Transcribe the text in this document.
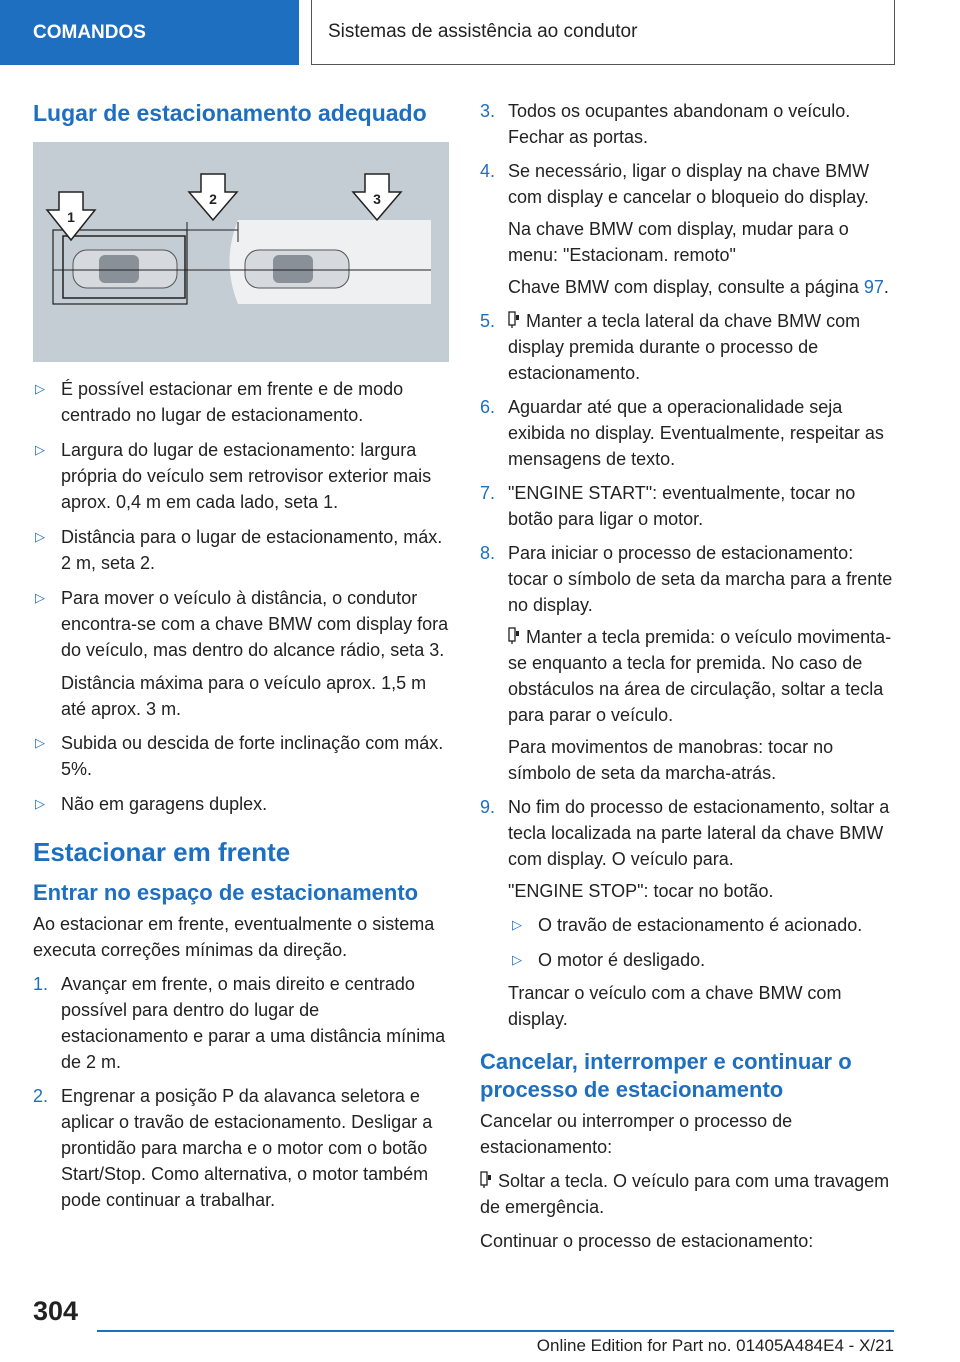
COMANDOS	Sistemas de assistência ao condutor
Lugar de estacionamento adequado
1
2	3
▷ É possível estacionar em frente e de modo centrado no lugar de estacionamento.
▷ Largura do lugar de estacionamento: largura própria do veículo sem retrovisor exterior mais aprox. 0,4 m em cada lado, seta 1.
▷ Distância para o lugar de estacionamento, máx. 2 m, seta 2.
▷ Para mover o veículo à distância, o condutor encontra-se com a chave BMW com display fora do veículo, mas dentro do alcance rádio, seta 3.
Distância máxima para o veículo aprox. 1,5 m até aprox. 3 m.
▷ Subida ou descida de forte inclinação com máx. 5%.
▷ Não em garagens duplex.
Estacionar em frente
Entrar no espaço de estacionamento
Ao estacionar em frente, eventualmente o sistema executa correções mínimas da direção.
1. Avançar em frente, o mais direito e centrado possível para dentro do lugar de estacionamento e parar a uma distância mínima de 2 m.
2. Engrenar a posição P da alavanca seletora e aplicar o travão de estacionamento. Desligar a prontidão para marcha e o motor com o botão Start/Stop. Como alternativa, o motor também pode continuar a trabalhar.
3. Todos os ocupantes abandonam o veículo. Fechar as portas.
4. Se necessário, ligar o display na chave BMW com display e cancelar o bloqueio do display.
Na chave BMW com display, mudar para o menu: "Estacionam. remoto"
Chave BMW com display, consulte a página 97.
5. Manter a tecla lateral da chave BMW com display premida durante o processo de estacionamento.
6. Aguardar até que a operacionalidade seja exibida no display. Eventualmente, respeitar as mensagens de texto.
7. "ENGINE START": eventualmente, tocar no botão para ligar o motor.
8. Para iniciar o processo de estacionamento: tocar o símbolo de seta da marcha para a frente no display.
Manter a tecla premida: o veículo movimenta-se enquanto a tecla for premida. No caso de obstáculos na área de circulação, soltar a tecla para parar o veículo.
Para movimentos de manobras: tocar no símbolo de seta da marcha-atrás.
9. No fim do processo de estacionamento, soltar a tecla localizada na parte lateral da chave BMW com display. O veículo para.
"ENGINE STOP": tocar no botão.
▷ O travão de estacionamento é acionado.
▷ O motor é desligado.
Trancar o veículo com a chave BMW com display.
Cancelar, interromper e continuar o processo de estacionamento
Cancelar ou interromper o processo de estacionamento:
Soltar a tecla. O veículo para com uma travagem de emergência.
Continuar o processo de estacionamento:
304
Online Edition for Part no. 01405A484E4 - X/21
